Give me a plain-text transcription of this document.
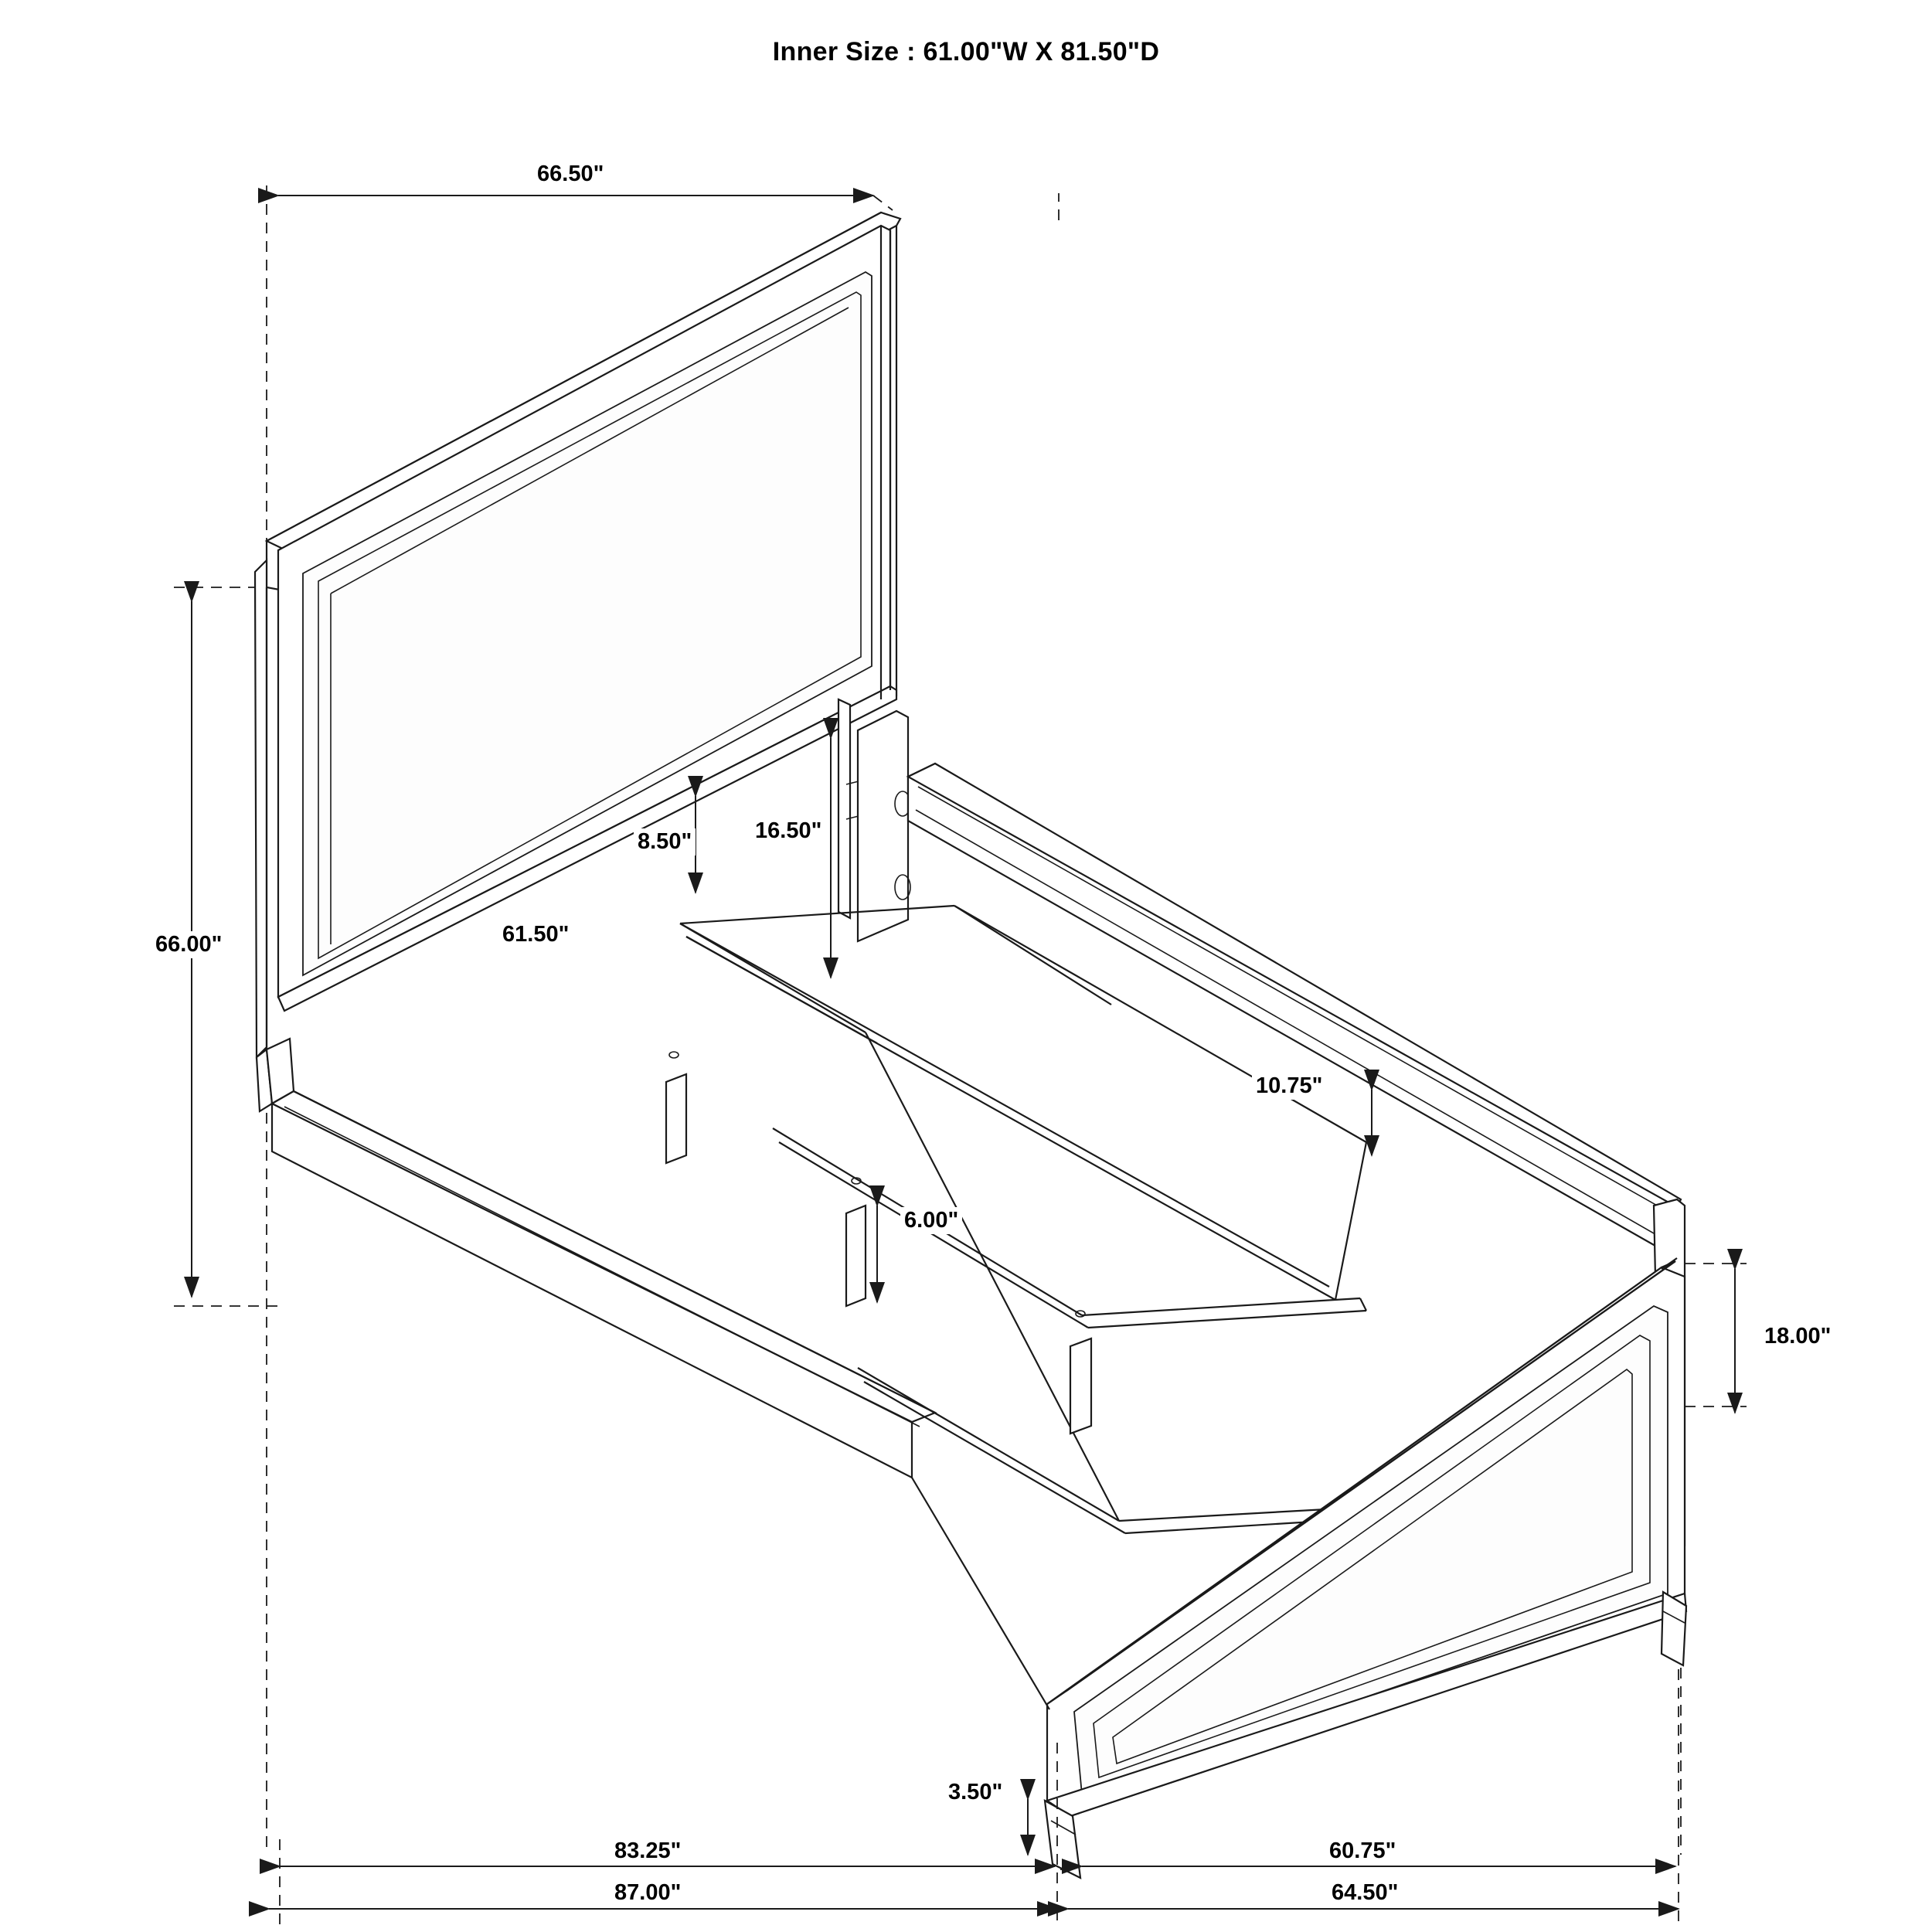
Inner Size : 61.00"W X 81.50"D
66.50"
66.00"	61.50"
8.50"	16.50"
10.75"
6.00"
18.00"
3.50"
83.25"	60.75"
87.00"	64.50"
